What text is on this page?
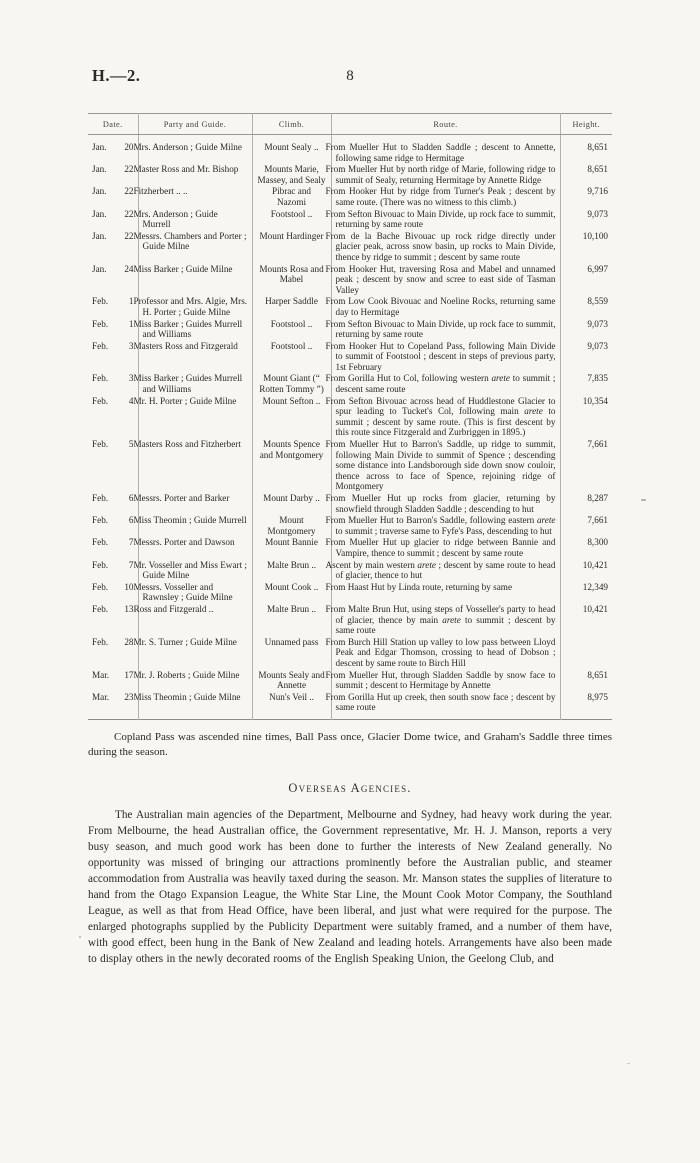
H.—2.	8
Date.	Party and Guide.	Climb.	Route.	Height.
Jan. 20	Mrs. Anderson ; Guide Milne	Mount Sealy ..	From Mueller Hut to Sladden Saddle ; descent to Annette, following same ridge to Hermitage	8,651
Jan. 22	Master Ross and Mr. Bishop	Mounts Marie, Massey, and Sealy	From Mueller Hut by north ridge of Marie, following ridge to summit of Sealy, returning Hermitage by Annette Ridge	8,651
Jan. 22	Fitzherbert .. ..	Pibrac and Nazomi	From Hooker Hut by ridge from Turner's Peak ; descent by same route. (There was no witness to this climb.)	9,716
Jan. 22	Mrs. Anderson ; Guide Murrell	Footstool ..	From Sefton Bivouac to Main Divide, up rock face to summit, returning by same route	9,073
Jan. 22	Messrs. Chambers and Porter ; Guide Milne	Mount Hardinger	From de la Bache Bivouac up rock ridge directly under glacier peak, across snow basin, up rocks to Main Divide, thence by ridge to summit ; descent by same route	10,100
Jan. 24	Miss Barker ; Guide Milne	Mounts Rosa and Mabel	From Hooker Hut, traversing Rosa and Mabel and unnamed peak ; descent by snow and scree to east side of Tasman Valley	6,997
Feb. 1	Professor and Mrs. Algie, Mrs. H. Porter ; Guide Milne	Harper Saddle	From Low Cook Bivouac and Noeline Rocks, returning same day to Hermitage	8,559
Feb. 1	Miss Barker ; Guides Murrell and Williams	Footstool ..	From Sefton Bivouac to Main Divide, up rock face to summit, returning by same route	9,073
Feb. 3	Masters Ross and Fitzgerald	Footstool ..	From Hooker Hut to Copeland Pass, following Main Divide to summit of Footstool ; descent in steps of previous party, 1st February	9,073
Feb. 3	Miss Barker ; Guides Murrell and Williams	Mount Giant (“ Rotten Tommy ”)	From Gorilla Hut to Col, following western arete to summit ; descent same route	7,835
Feb. 4	Mr. H. Porter ; Guide Milne	Mount Sefton ..	From Sefton Bivouac across head of Huddlestone Glacier to spur leading to Tucket's Col, following main arete to summit ; descent by same route. (This is first descent by this route since Fitzgerald and Zurbriggen in 1895.)	10,354
Feb. 5	Masters Ross and Fitzherbert	Mounts Spence and Montgomery	From Mueller Hut to Barron's Saddle, up ridge to summit, following Main Divide to summit of Spence ; descending some distance into Landsborough side down snow couloir, thence across to face of Spence, rejoining ridge of Montgomery	7,661
Feb. 6	Messrs. Porter and Barker	Mount Darby ..	From Mueller Hut up rocks from glacier, returning by snowfield through Sladden Saddle ; descending to hut	8,287
Feb. 6	Miss Theomin ; Guide Murrell	Mount Montgomery	From Mueller Hut to Barron's Saddle, following eastern arete to summit ; traverse same to Fyfe's Pass, descending to hut	7,661
Feb. 7	Messrs. Porter and Dawson	Mount Bannie	From Mueller Hut up glacier to ridge between Bannie and Vampire, thence to summit ; descent by same route	8,300
Feb. 7	Mr. Vosseller and Miss Ewart ; Guide Milne	Malte Brun ..	Ascent by main western arete ; descent by same route to head of glacier, thence to hut	10,421
Feb. 10	Messrs. Vosseller and Rawnsley ; Guide Milne	Mount Cook ..	From Haast Hut by Linda route, returning by same	12,349
Feb. 13	Ross and Fitzgerald ..	Malte Brun ..	From Malte Brun Hut, using steps of Vosseller's party to head of glacier, thence by main arete to summit ; descent by same route	10,421
Feb. 28	Mr. S. Turner ; Guide Milne	Unnamed pass	From Burch Hill Station up valley to low pass between Lloyd Peak and Edgar Thomson, crossing to head of Dobson ; descent by same route to Birch Hill	
Mar. 17	Mr. J. Roberts ; Guide Milne	Mounts Sealy and Annette	From Mueller Hut, through Sladden Saddle by snow face to summit ; descent to Hermitage by Annette	8,651
Mar. 23	Miss Theomin ; Guide Milne	Nun's Veil ..	From Gorilla Hut up creek, then south snow face ; descent by same route	8,975

Copland Pass was ascended nine times, Ball Pass once, Glacier Dome twice, and Graham's Saddle three times during the season.

Overseas Agencies.

The Australian main agencies of the Department, Melbourne and Sydney, had heavy work during the year. From Melbourne, the head Australian office, the Government representative, Mr. H. J. Manson, reports a very busy season, and much good work has been done to further the interests of New Zealand generally. No opportunity was missed of bringing our attractions prominently before the Australian public, and steamer accommodation from Australia was heavily taxed during the season. Mr. Manson states the supplies of literature to hand from the Otago Expansion League, the White Star Line, the Mount Cook Motor Company, the Southland League, as well as that from Head Office, have been liberal, and just what were required for the purpose. The enlarged photographs supplied by the Publicity Department were suitably framed, and a number of them have, with good effect, been hung in the Bank of New Zealand and leading hotels. Arrangements have also been made to display others in the newly decorated rooms of the English Speaking Union, the Geelong Club, and
